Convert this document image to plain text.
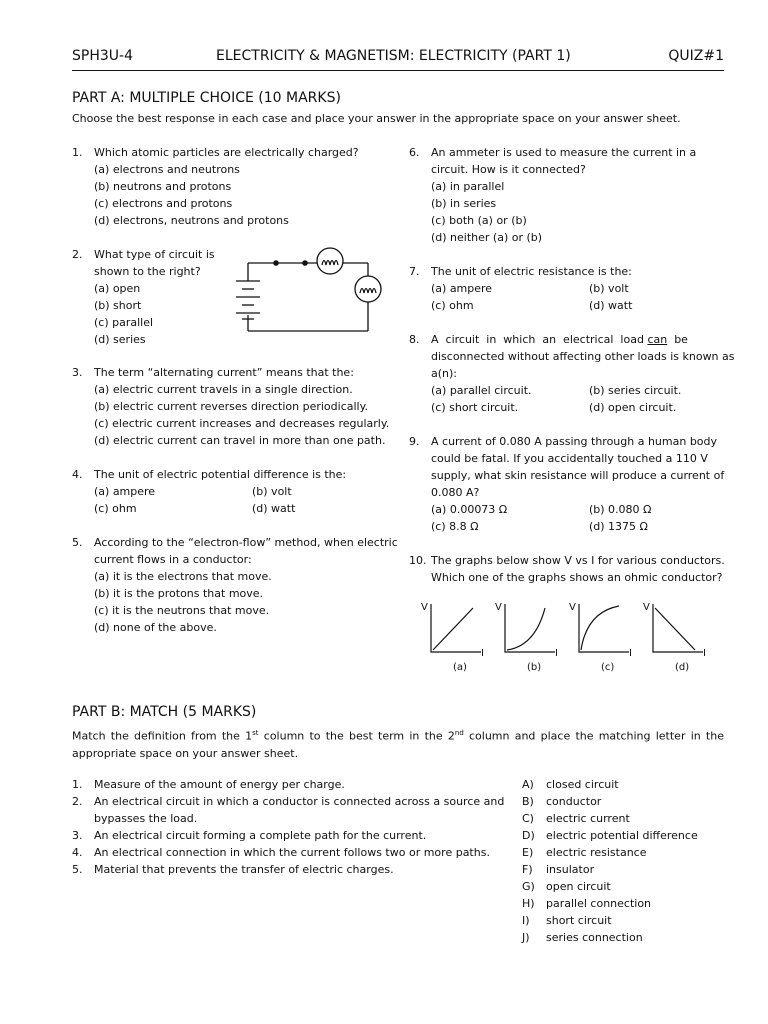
SPH3U-4	ELECTRICITY & MAGNETISM: ELECTRICITY (PART 1)	QUIZ#1
PART A: MULTIPLE CHOICE (10 MARKS)
Choose the best response in each case and place your answer in the appropriate space on your answer sheet.
1.	Which atomic particles are electrically charged?
(a) electrons and neutrons
(b) neutrons and protons
(c) electrons and protons
(d) electrons, neutrons and protons
2.	What type of circuit is
shown to the right?
(a) open
(b) short
(c) parallel
(d) series
3.	The term “alternating current” means that the:
(a) electric current travels in a single direction.
(b) electric current reverses direction periodically.
(c) electric current increases and decreases regularly.
(d) electric current can travel in more than one path.
4.	The unit of electric potential difference is the:
(a) ampere	(b) volt
(c) ohm	(d) watt
5.	According to the “electron-flow” method, when electric
current flows in a conductor:
(a) it is the electrons that move.
(b) it is the protons that move.
(c) it is the neutrons that move.
(d) none of the above.
6.	An ammeter is used to measure the current in a
circuit. How is it connected?
(a) in parallel
(b) in series
(c) both (a) or (b)
(d) neither (a) or (b)
7.	The unit of electric resistance is the:
(a) ampere	(b) volt
(c) ohm	(d) watt
8.	A  circuit  in  which  an  electrical  load can  be
disconnected without affecting other loads is known as
a(n):
(a) parallel circuit.	(b) series circuit.
(c) short circuit.	(d) open circuit.
9.	A current of 0.080 A passing through a human body
could be fatal. If you accidentally touched a 110 V
supply, what skin resistance will produce a current of
0.080 A?
(a) 0.00073 Ω	(b) 0.080 Ω
(c) 8.8 Ω	(d) 1375 Ω
10. The graphs below show V vs I for various conductors.
Which one of the graphs shows an ohmic conductor?
V
I
V
I
V
I
V
I
(a)	(b)	(c)	(d)
PART B: MATCH (5 MARKS)
Match the definition from the 1st column to the best term in the 2nd column and place the matching letter in the appropriate space on your answer sheet.
1.	Measure of the amount of energy per charge.
2.	An electrical circuit in which a conductor is connected across a source and
bypasses the load.
3.	An electrical circuit forming a complete path for the current.
4.	An electrical connection in which the current follows two or more paths.
5.	Material that prevents the transfer of electric charges.
A)	closed circuit
B)	conductor
C)	electric current
D)	electric potential difference
E)	electric resistance
F)	insulator
G)	open circuit
H)	parallel connection
I)	short circuit
J)	series connection
